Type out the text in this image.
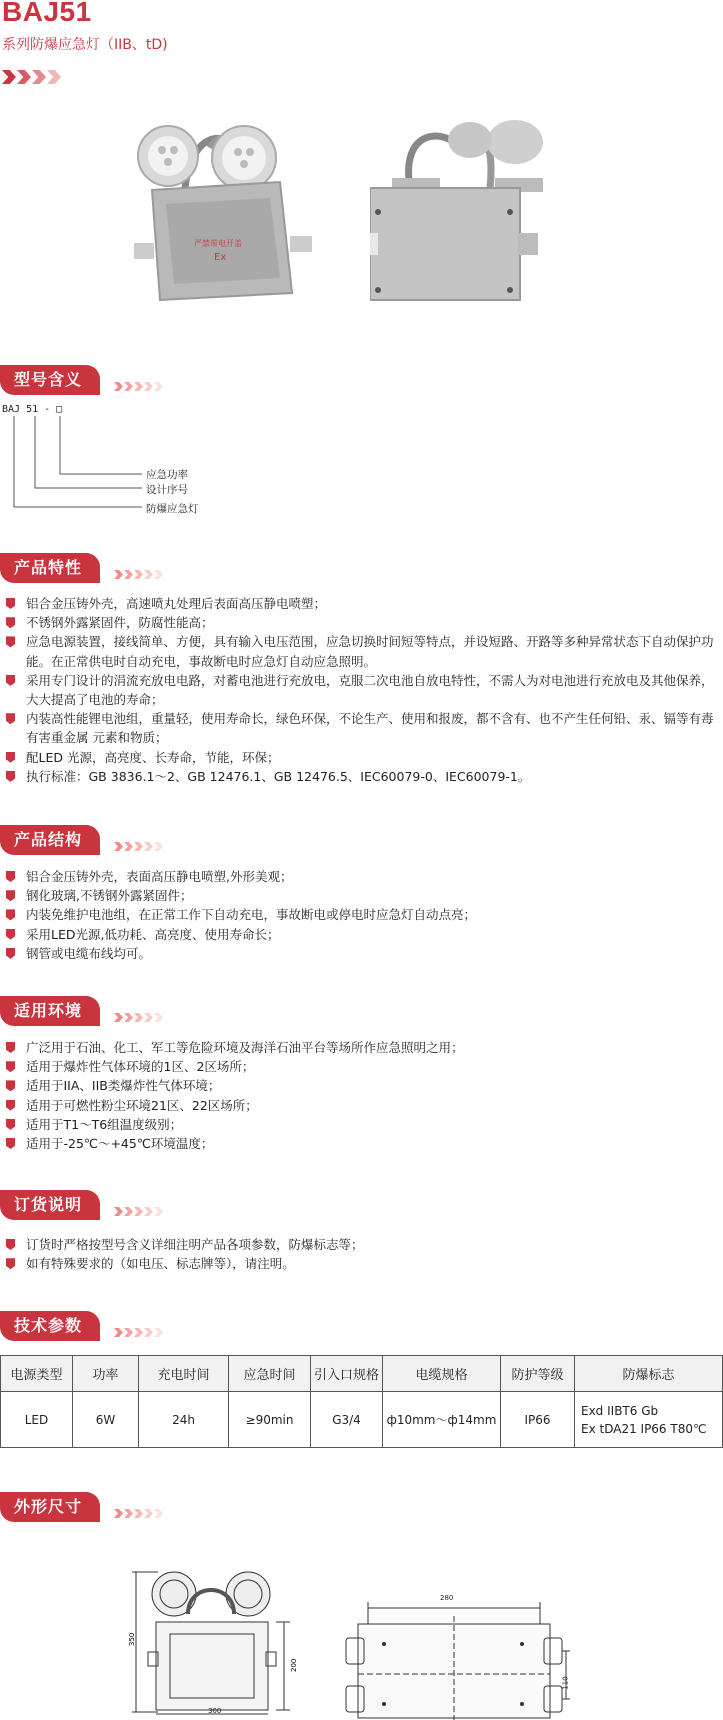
BAJ51
系列防爆应急灯（IIB、tD)
严禁带电开盖
Ex
型号含义
BAJ 51 - □
应急功率
设计序号
防爆应急灯
产品特性
铝合金压铸外壳，高速喷丸处理后表面高压静电喷塑；
不锈钢外露紧固件，防腐性能高；
应急电源装置，接线简单、方便，具有输入电压范围，应急切换时间短等特点，并设短路、开路等多种异常状态下自动保护功能。在正常供电时自动充电，事故断电时应急灯自动应急照明。
采用专门设计的涓流充放电电路，对蓄电池进行充放电，克服二次电池自放电特性，不需人为对电池进行充放电及其他保养，大大提高了电池的寿命；
内装高性能锂电池组，重量轻，使用寿命长，绿色环保，不论生产、使用和报废，都不含有、也不产生任何铅、汞、镉等有毒有害重金属 元素和物质；
配LED 光源，高亮度、长寿命，节能，环保；
执行标准：GB 3836.1～2、GB 12476.1、GB 12476.5、IEC60079-0、IEC60079-1。
产品结构
铝合金压铸外壳，表面高压静电喷塑,外形美观；
钢化玻璃,不锈钢外露紧固件；
内装免维护电池组，在正常工作下自动充电，事故断电或停电时应急灯自动点亮；
采用LED光源,低功耗、高亮度、使用寿命长；
钢管或电缆布线均可。
适用环境
广泛用于石油、化工、军工等危险环境及海洋石油平台等场所作应急照明之用；
适用于爆炸性气体环境的1区、2区场所；
适用于IIA、IIB类爆炸性气体环境；
适用于可燃性粉尘环境21区、22区场所；
适用于T1～T6组温度级别；
适用于-25℃～+45℃环境温度；
订货说明
订货时严格按型号含义详细注明产品各项参数，防爆标志等；
如有特殊要求的（如电压、标志牌等），请注明。
技术参数
电源类型	功率	充电时间	应急时间	引入口规格	电缆规格	防护等级	防爆标志
LED	6W	24h	≥90min	G3/4	ф10mm～ф14mm	IP66	Exd IIBT6 Gb
Ex tDA21 IP66 T80℃
外形尺寸
350
200
300
280
110
